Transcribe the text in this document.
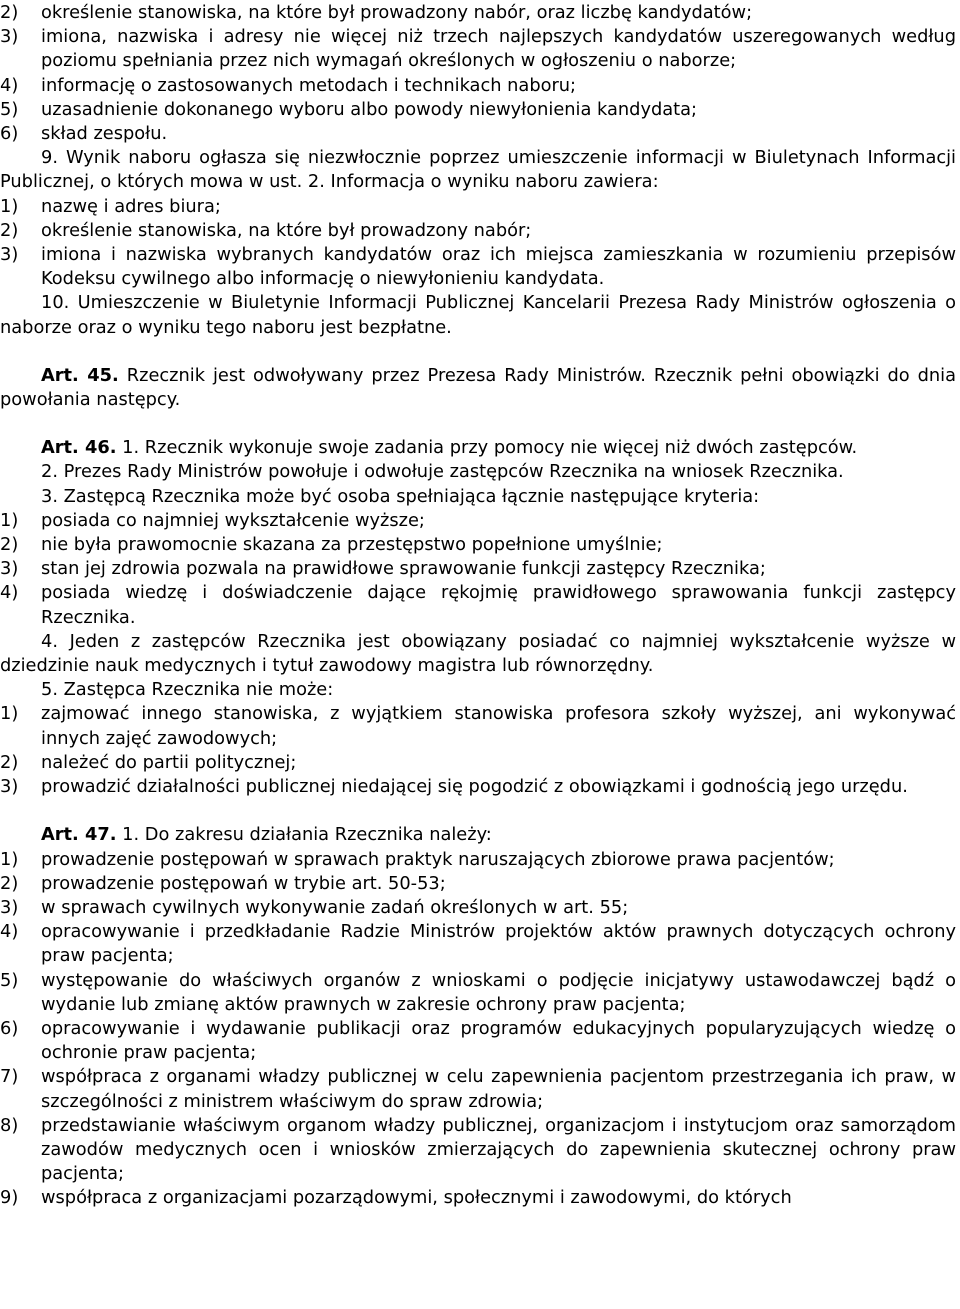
2)	określenie stanowiska, na które był prowadzony nabór, oraz liczbę kandydatów;
3)	imiona, nazwiska i adresy nie więcej niż trzech najlepszych kandydatów uszeregowanych według poziomu spełniania przez nich wymagań określonych w ogłoszeniu o naborze;
4)	informację o zastosowanych metodach i technikach naboru;
5)	uzasadnienie dokonanego wyboru albo powody niewyłonienia kandydata;
6)	skład zespołu.

9. Wynik naboru ogłasza się niezwłocznie poprzez umieszczenie informacji w Biuletynach Informacji Publicznej, o których mowa w ust. 2. Informacja o wyniku naboru zawiera:

1)	nazwę i adres biura;
2)	określenie stanowiska, na które był prowadzony nabór;
3)	imiona i nazwiska wybranych kandydatów oraz ich miejsca zamieszkania w rozumieniu przepisów Kodeksu cywilnego albo informację o niewyłonieniu kandydata.

10. Umieszczenie w Biuletynie Informacji Publicznej Kancelarii Prezesa Rady Ministrów ogłoszenia o naborze oraz o wyniku tego naboru jest bezpłatne.

Art. 45. Rzecznik jest odwoływany przez Prezesa Rady Ministrów. Rzecznik pełni obowiązki do dnia powołania następcy.

Art. 46. 1. Rzecznik wykonuje swoje zadania przy pomocy nie więcej niż dwóch zastępców.

2. Prezes Rady Ministrów powołuje i odwołuje zastępców Rzecznika na wniosek Rzecznika.

3. Zastępcą Rzecznika może być osoba spełniająca łącznie następujące kryteria:

1)	posiada co najmniej wykształcenie wyższe;
2)	nie była prawomocnie skazana za przestępstwo popełnione umyślnie;
3)	stan jej zdrowia pozwala na prawidłowe sprawowanie funkcji zastępcy Rzecznika;
4)	posiada wiedzę i doświadczenie dające rękojmię prawidłowego sprawowania funkcji zastępcy Rzecznika.

4. Jeden z zastępców Rzecznika jest obowiązany posiadać co najmniej wykształcenie wyższe w dziedzinie nauk medycznych i tytuł zawodowy magistra lub równorzędny.

5. Zastępca Rzecznika nie może:

1)	zajmować innego stanowiska, z wyjątkiem stanowiska profesora szkoły wyższej, ani wykonywać innych zajęć zawodowych;
2)	należeć do partii politycznej;
3)	prowadzić działalności publicznej niedającej się pogodzić z obowiązkami i godnością jego urzędu.

Art. 47. 1. Do zakresu działania Rzecznika należy:

1)	prowadzenie postępowań w sprawach praktyk naruszających zbiorowe prawa pacjentów;
2)	prowadzenie postępowań w trybie art. 50-53;
3)	w sprawach cywilnych wykonywanie zadań określonych w art. 55;
4)	opracowywanie i przedkładanie Radzie Ministrów projektów aktów prawnych dotyczących ochrony praw pacjenta;
5)	występowanie do właściwych organów z wnioskami o podjęcie inicjatywy ustawodawczej bądź o wydanie lub zmianę aktów prawnych w zakresie ochrony praw pacjenta;
6)	opracowywanie i wydawanie publikacji oraz programów edukacyjnych popularyzujących wiedzę o ochronie praw pacjenta;
7)	współpraca z organami władzy publicznej w celu zapewnienia pacjentom przestrzegania ich praw, w szczególności z ministrem właściwym do spraw zdrowia;
8)	przedstawianie właściwym organom władzy publicznej, organizacjom i instytucjom oraz samorządom zawodów medycznych ocen i wniosków zmierzających do zapewnienia skutecznej ochrony praw pacjenta;
9)	współpraca z organizacjami pozarządowymi, społecznymi i zawodowymi, do których
